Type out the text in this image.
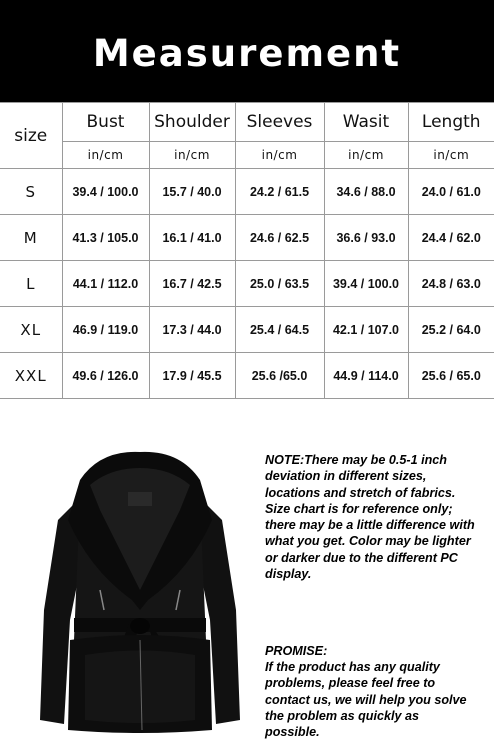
Measurement
size	Bust	Shoulder	Sleeves	Wasit	Length
	in/cm	in/cm	in/cm	in/cm	in/cm
S	39.4 / 100.0	15.7 / 40.0	24.2 / 61.5	34.6 / 88.0	24.0 / 61.0
M	41.3 / 105.0	16.1 / 41.0	24.6 / 62.5	36.6 / 93.0	24.4 / 62.0
L	44.1 / 112.0	16.7 / 42.5	25.0 / 63.5	39.4 / 100.0	24.8 / 63.0
XL	46.9 / 119.0	17.3 / 44.0	25.4 / 64.5	42.1 / 107.0	25.2 / 64.0
XXL	49.6 / 126.0	17.9 / 45.5	25.6 /65.0	44.9 / 114.0	25.6 / 65.0
NOTE:There may be 0.5-1 inch deviation in different sizes, locations and stretch of fabrics. Size chart is for reference only; there may be a little difference with what you get. Color may be lighter or darker due to the different PC display.
PROMISE:
If the product has any quality problems, please feel free to contact us, we will help you solve the problem as quickly as possible.
